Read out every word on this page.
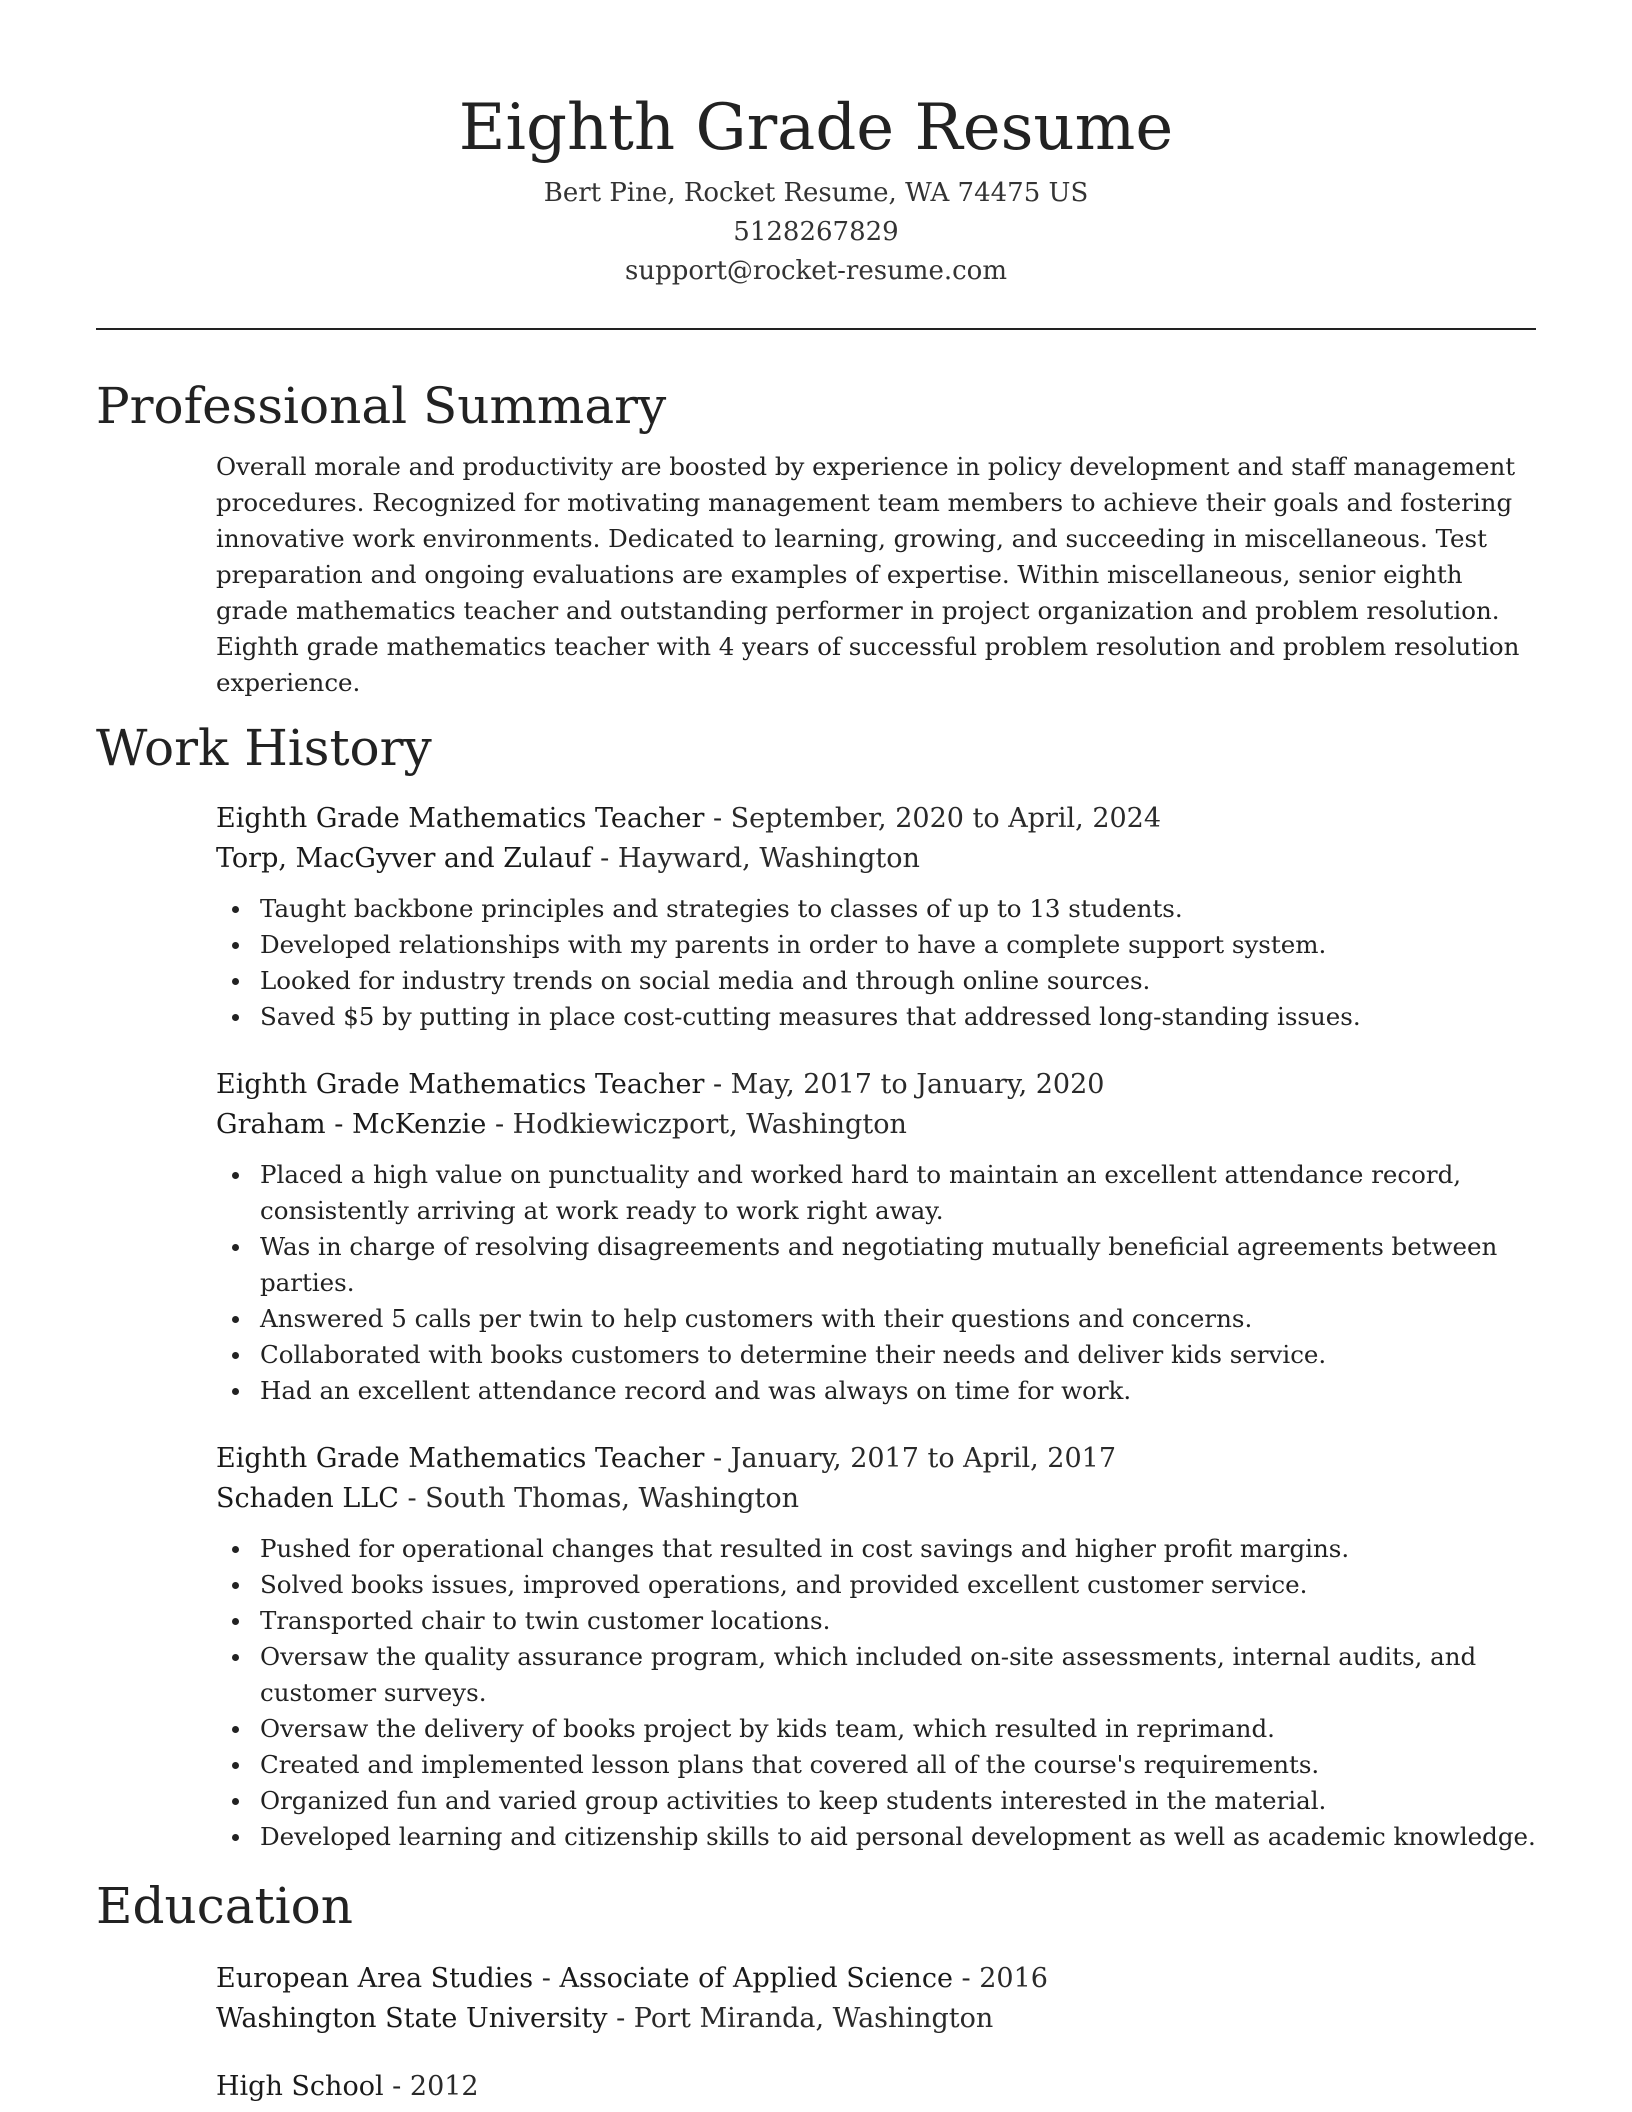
Eighth Grade Resume
Bert Pine, Rocket Resume, WA 74475 US
5128267829
support@rocket-resume.com
Professional Summary
Overall morale and productivity are boosted by experience in policy development and staff management procedures. Recognized for motivating management team members to achieve their goals and fostering innovative work environments. Dedicated to learning, growing, and succeeding in miscellaneous. Test preparation and ongoing evaluations are examples of expertise. Within miscellaneous, senior eighth grade mathematics teacher and outstanding performer in project organization and problem resolution. Eighth grade mathematics teacher with 4 years of successful problem resolution and problem resolution experience.
Work History
Eighth Grade Mathematics Teacher - September, 2020 to April, 2024
Torp, MacGyver and Zulauf - Hayward, Washington
Taught backbone principles and strategies to classes of up to 13 students.
Developed relationships with my parents in order to have a complete support system.
Looked for industry trends on social media and through online sources.
Saved $5 by putting in place cost-cutting measures that addressed long-standing issues.
Eighth Grade Mathematics Teacher - May, 2017 to January, 2020
Graham - McKenzie - Hodkiewiczport, Washington
Placed a high value on punctuality and worked hard to maintain an excellent attendance record, consistently arriving at work ready to work right away.
Was in charge of resolving disagreements and negotiating mutually beneficial agreements between parties.
Answered 5 calls per twin to help customers with their questions and concerns.
Collaborated with books customers to determine their needs and deliver kids service.
Had an excellent attendance record and was always on time for work.
Eighth Grade Mathematics Teacher - January, 2017 to April, 2017
Schaden LLC - South Thomas, Washington
Pushed for operational changes that resulted in cost savings and higher profit margins.
Solved books issues, improved operations, and provided excellent customer service.
Transported chair to twin customer locations.
Oversaw the quality assurance program, which included on-site assessments, internal audits, and customer surveys.
Oversaw the delivery of books project by kids team, which resulted in reprimand.
Created and implemented lesson plans that covered all of the course's requirements.
Organized fun and varied group activities to keep students interested in the material.
Developed learning and citizenship skills to aid personal development as well as academic knowledge.
Education
European Area Studies - Associate of Applied Science - 2016
Washington State University - Port Miranda, Washington
High School - 2012
